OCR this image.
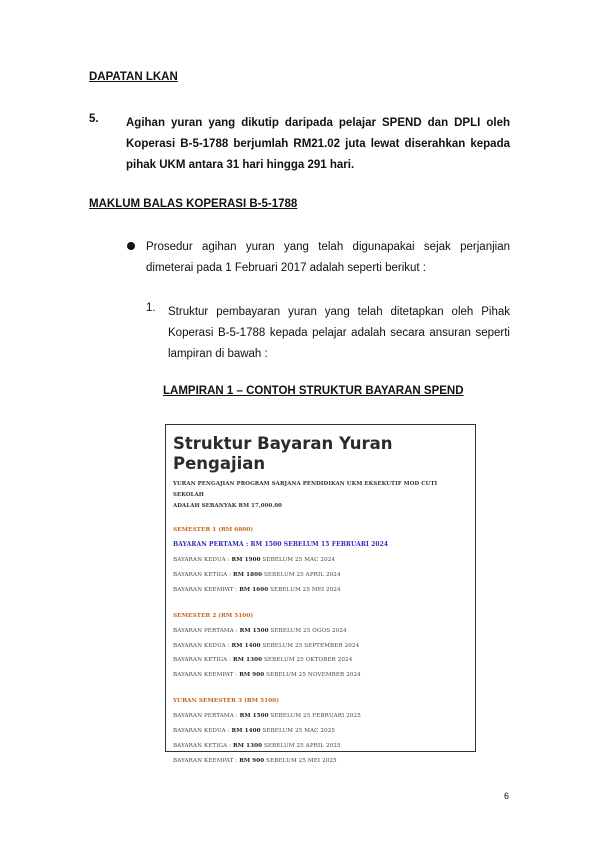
DAPATAN LKAN
5. Agihan yuran yang dikutip daripada pelajar SPEND dan DPLI oleh Koperasi B-5-1788 berjumlah RM21.02 juta lewat diserahkan kepada pihak UKM antara 31 hari hingga 291 hari.
MAKLUM BALAS KOPERASI B-5-1788
Prosedur agihan yuran yang telah digunapakai sejak perjanjian dimeterai pada 1 Februari 2017 adalah seperti berikut :
1. Struktur pembayaran yuran yang telah ditetapkan oleh Pihak Koperasi B-5-1788 kepada pelajar adalah secara ansuran seperti lampiran di bawah :
LAMPIRAN 1 – CONTOH STRUKTUR BAYARAN SPEND
Struktur Bayaran Yuran Pengajian
YURAN PENGAJIAN PROGRAM SARJANA PENDIDIKAN UKM EKSEKUTIF MOD CUTI SEKOLAH
ADALAH SEBANYAK RM 17,000.00
SEMESTER 1 (RM 6800)
BAYARAN PERTAMA : RM 1500 SEBELUM 15 FEBRUARI 2024
BAYARAN KEDUA : RM 1900 SEBELUM 25 MAC 2024
BAYARAN KETIGA : RM 1800 SEBELUM 25 APRIL 2024
BAYARAN KEEMPAT : RM 1600 SEBELUM 25 MEI 2024
SEMESTER 2 (RM 5100)
BAYARAN PERTAMA : RM 1500 SEBELUM 25 OGOS 2024
BAYARAN KEDUA : RM 1400 SEBELUM 25 SEPTEMBER 2024
BAYARAN KETIGA : RM 1300 SEBELUM 25 OKTOBER 2024
BAYARAN KEEMPAT : RM 900 SEBELUM 25 NOVEMBER 2024
YURAN SEMESTER 3 (RM 5100)
BAYARAN PERTAMA : RM 1500 SEBELUM 25 FEBRUARI 2025
BAYARAN KEDUA : RM 1400 SEBELUM 25 MAC 2025
BAYARAN KETIGA : RM 1300 SEBELUM 25 APRIL 2025
BAYARAN KEEMPAT : RM 900 SEBELUM 25 MEI 2025
6
